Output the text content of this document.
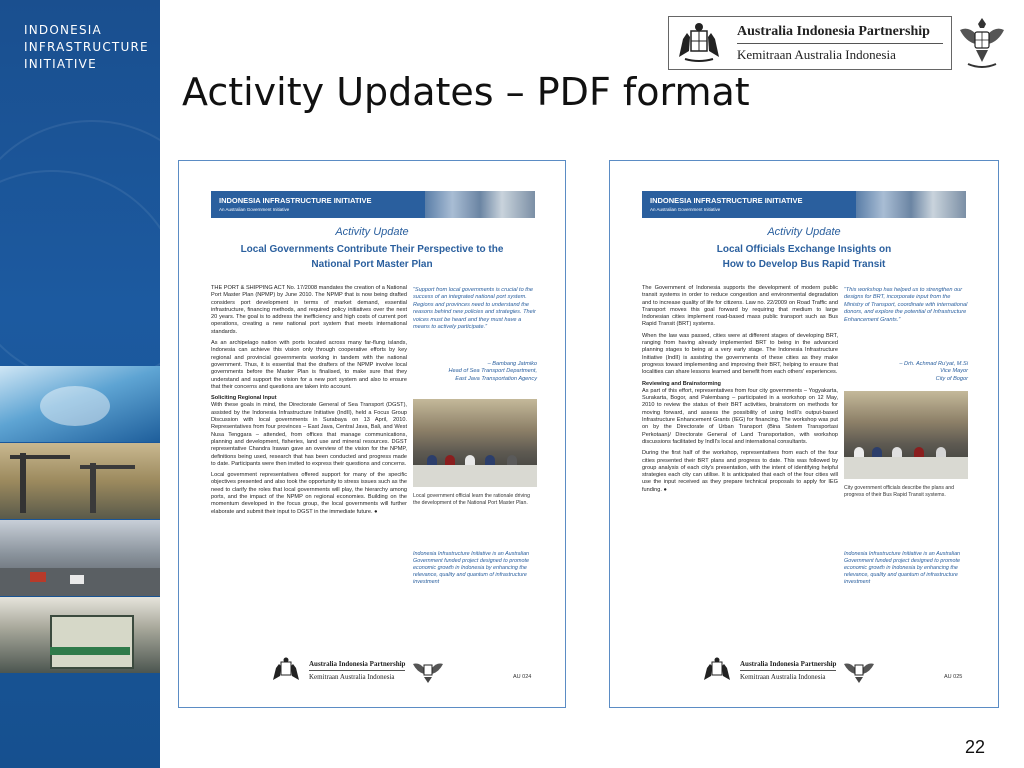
INDONESIA
INFRASTRUCTURE
INITIATIVE
Activity Updates – PDF format
Australia Indonesia Partnership
Kemitraan Australia Indonesia
INDONESIA INFRASTRUCTURE INITIATIVE
An Australian Government Initiative
Activity Update
Local Governments Contribute Their Perspective to the
National Port Master Plan

THE PORT & SHIPPING ACT No. 17/2008 mandates the creation of a National Port Master Plan (NPMP) by June 2010. The NPMP that is now being drafted considers port development in terms of market demand, essential infrastructure, financing methods, and required policy initiatives over the next 20 years. The goal is to address the inefficiency and high costs of current port operations, creating a new national port system that meets international standards.

As an archipelago nation with ports located across many far-flung islands, Indonesia can achieve this vision only through cooperative efforts by key regional and provincial governments working in tandem with the national government. Thus, it is essential that the drafters of the NPMP involve local governments before the Master Plan is finalised, to make sure that they understand and support the vision for a new port system and also to ensure that their concerns and questions are taken into account.

Soliciting Regional Input

With these goals in mind, the Directorate General of Sea Transport (DGST), assisted by the Indonesia Infrastructure Initiative (IndII), held a Focus Group Discussion with local governments in Surabaya on 13 April, 2010. Representatives from four provinces – East Java, Central Java, Bali, and West Nusa Tenggara – attended, from offices that manage communications, planning and development, fisheries, land use and mineral resources. DGST representative Chandra Irawan gave an overview of the vision for the NPMP, definitions being used, research that has been conducted and progress made to date. Participants were then invited to express their questions and concerns.

Local government representatives offered support for many of the specific objectives presented and also took the opportunity to stress issues such as the need to clarify the roles that local governments will play, the hierarchy among ports, and the impact of the NPMP on regional economies. Building on the momentum developed in the focus group, the local governments will further elaborate and submit their input to DGST in the immediate future. ●

“Support from local governments is crucial to the success of an integrated national port system. Regions and provinces need to understand the reasons behind new policies and strategies. Their voices must be heard and they must have a means to actively participate.”
– Bambang Jatmiko
Head of Sea Transport Department,
East Java Transportation Agency
Local government official learn the rationale driving the development of the National Port Master Plan.
Indonesia Infrastructure Initiative is an Australian Government funded project designed to promote economic growth in Indonesia by enhancing the relevance, quality and quantum of infrastructure investment
Australia Indonesia Partnership
Kemitraan Australia Indonesia	AU 024
INDONESIA INFRASTRUCTURE INITIATIVE
An Australian Government Initiative
Activity Update
Local Officials Exchange Insights on
How to Develop Bus Rapid Transit

The Government of Indonesia supports the development of modern public transit systems in order to reduce congestion and environmental degradation and to increase quality of life for citizens. Law no. 22/2009 on Road Traffic and Transport moves this goal forward by requiring that medium to large Indonesian cities implement road-based mass public transport such as Bus Rapid Transit (BRT) systems.

When the law was passed, cities were at different stages of developing BRT, ranging from having already implemented BRT to being in the advanced planning stages to being at a very early stage. The Indonesia Infrastructure Initiative (IndII) is assisting the governments of these cities as they make progress toward implementing and improving their BRT, helping to ensure that localities can share lessons learned and benefit from each others' experiences.

Reviewing and Brainstorming

As part of this effort, representatives from four city governments – Yogyakarta, Surakarta, Bogor, and Palembang – participated in a workshop on 12 May, 2010 to review the status of their BRT activities, brainstorm on methods for moving forward, and assess the possibility of using IndII's output-based Infrastructure Enhancement Grants (IEG) for financing. The workshop was put on by the Directorate of Urban Transport (Bina Sistem Transportasi Perkotaan)/ Directorate General of Land Transportation, with workshop discussions facilitated by IndII's local and international consultants.

During the first half of the workshop, representatives from each of the four cities presented their BRT plans and progress to date. This was followed by group analysis of each city's presentation, with the intent of identifying helpful strategies each city can utilise. It is anticipated that each of the four cities will use the input received as they prepare technical proposals to apply for IEG funding. ●

“This workshop has helped us to strengthen our designs for BRT, incorporate input from the Ministry of Transport, coordinate with international donors, and explore the potential of Infrastructure Enhancement Grants.”
– Drh. Achmad Ru'yat, M.Si
Vice Mayor
City of Bogor
City government officials describe the plans and progress of their Bus Rapid Transit systems.
Indonesia Infrastructure Initiative is an Australian Government funded project designed to promote economic growth in Indonesia by enhancing the relevance, quality and quantum of infrastructure investment
Australia Indonesia Partnership
Kemitraan Australia Indonesia	AU 025
22
